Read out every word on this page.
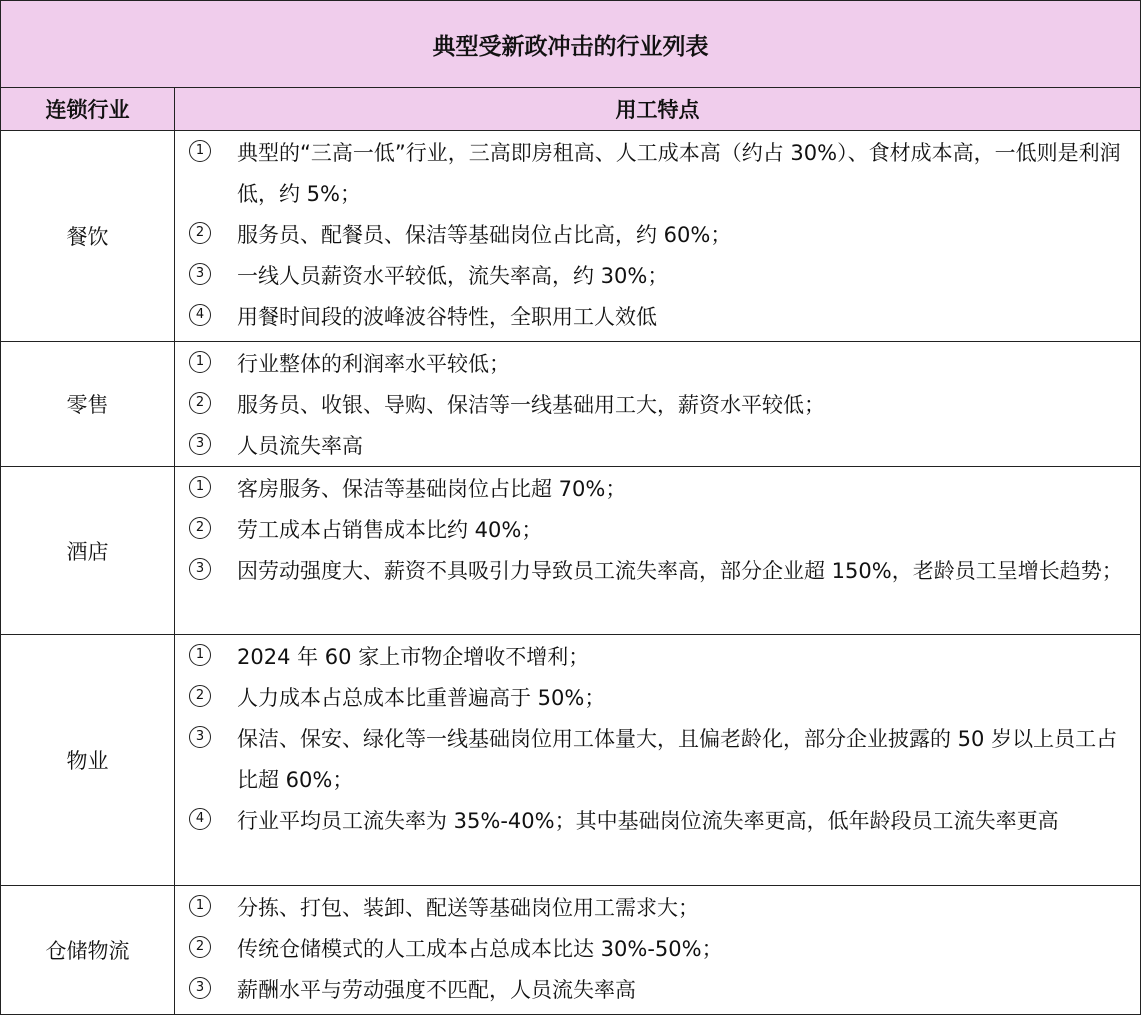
典型受新政冲击的行业列表
连锁行业	用工特点
餐饮
1	典型的“三高一低”行业，三高即房租高、人工成本高（约占 30%）、食材成本高，一低则是利润低，约 5%；
2	服务员、配餐员、保洁等基础岗位占比高，约 60%；
3	一线人员薪资水平较低，流失率高，约 30%；
4	用餐时间段的波峰波谷特性，全职用工人效低
零售
1	行业整体的利润率水平较低；
2	服务员、收银、导购、保洁等一线基础用工大，薪资水平较低；
3	人员流失率高
酒店
1	客房服务、保洁等基础岗位占比超 70%；
2	劳工成本占销售成本比约 40%；
3	因劳动强度大、薪资不具吸引力导致员工流失率高，部分企业超 150%，老龄员工呈增长趋势；
物业
1	2024 年 60 家上市物企增收不增利；
2	人力成本占总成本比重普遍高于 50%；
3	保洁、保安、绿化等一线基础岗位用工体量大，且偏老龄化，部分企业披露的 50 岁以上员工占比超 60%；
4	行业平均员工流失率为 35%-40%；其中基础岗位流失率更高，低年龄段员工流失率更高
仓储物流
1	分拣、打包、装卸、配送等基础岗位用工需求大；
2	传统仓储模式的人工成本占总成本比达 30%-50%；
3	薪酬水平与劳动强度不匹配，人员流失率高
